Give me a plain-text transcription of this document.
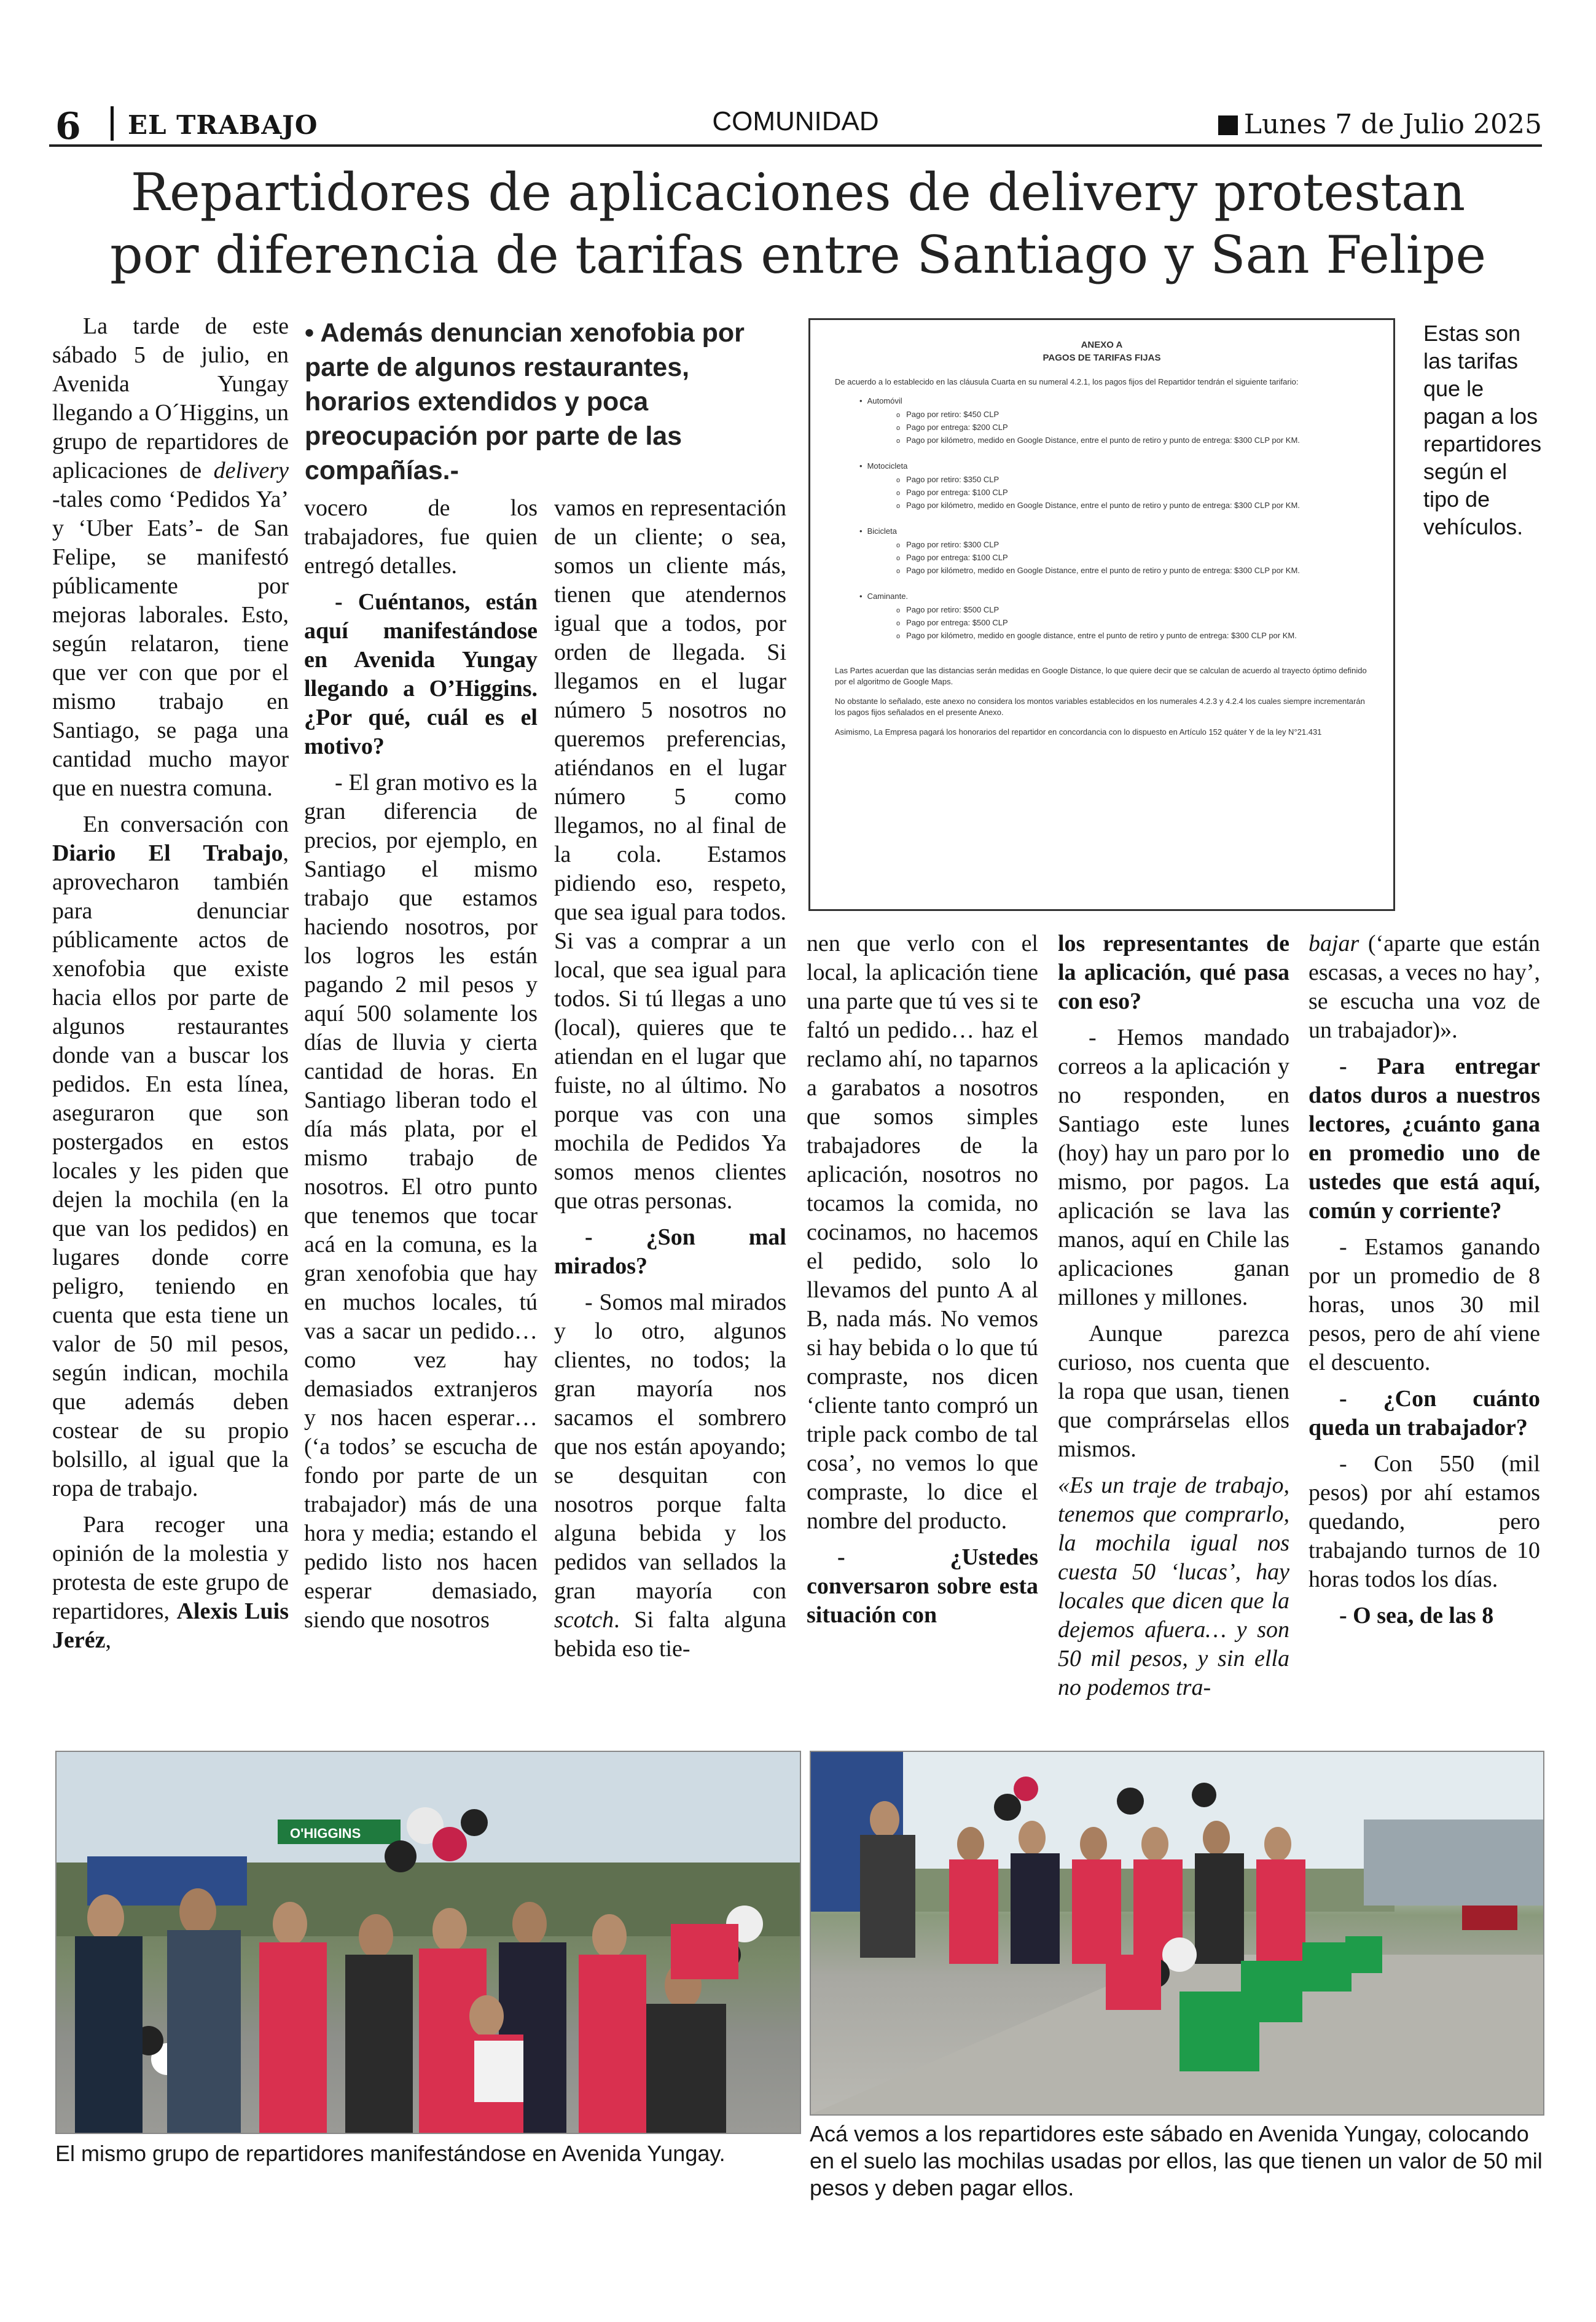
6 EL TRABAJO	COMUNIDAD	Lunes 7 de Julio 2025
Repartidores de aplicaciones de delivery protestan
por diferencia de tarifas entre Santiago y San Felipe
• Además denuncian xenofobia por parte de algunos restaurantes, horarios extendidos y poca preocupación por parte de las compañías.-

La tarde de este sábado 5 de julio, en Avenida Yungay llegando a O´Higgins, un grupo de repartidores de aplicaciones de delivery -tales como ‘Pedidos Ya’ y ‘Uber Eats’- de San Felipe, se manifestó públicamente por mejoras laborales. Esto, según relataron, tiene que ver con que por el mismo trabajo en Santiago, se paga una cantidad mucho mayor que en nuestra comuna.

En conversación con Diario El Trabajo, aprovecharon también para denunciar públicamente actos de xenofobia que existe hacia ellos por parte de algunos restaurantes donde van a buscar los pedidos. En esta línea, aseguraron que son postergados en estos locales y les piden que dejen la mochila (en la que van los pedidos) en lugares donde corre peligro, teniendo en cuenta que esta tiene un valor de 50 mil pesos, según indican, mochila que además deben costear de su propio bolsillo, al igual que la ropa de trabajo.

Para recoger una opinión de la molestia y protesta de este grupo de repartidores, Alexis Luis Jeréz,

vocero de los trabajadores, fue quien entregó detalles.

- Cuéntanos, están aquí manifestándose en Avenida Yungay llegando a O’Higgins. ¿Por qué, cuál es el motivo?

- El gran motivo es la gran diferencia de precios, por ejemplo, en Santiago el mismo trabajo que estamos haciendo nosotros, por los logros les están pagando 2 mil pesos y aquí 500 solamente los días de lluvia y cierta cantidad de horas. En Santiago liberan todo el día más plata, por el mismo trabajo de nosotros. El otro punto que tenemos que tocar acá en la comuna, es la gran xenofobia que hay en muchos locales, tú vas a sacar un pedido… como vez hay demasiados extranjeros y nos hacen esperar… (‘a todos’ se escucha de fondo por parte de un trabajador) más de una hora y media; estando el pedido listo nos hacen esperar demasiado, siendo que nosotros

vamos en representación de un cliente; o sea, somos un cliente más, tienen que atendernos igual que a todos, por orden de llegada. Si llegamos en el lugar número 5 nosotros no queremos preferencias, atiéndanos en el lugar número 5 como llegamos, no al final de la cola. Estamos pidiendo eso, respeto, que sea igual para todos. Si vas a comprar a un local, que sea igual para todos. Si tú llegas a uno (local), quieres que te atiendan en el lugar que fuiste, no al último. No porque vas con una mochila de Pedidos Ya somos menos clientes que otras personas.

- ¿Son mal mirados?

- Somos mal mirados y lo otro, algunos clientes, no todos; la gran mayoría nos sacamos el sombrero que nos están apoyando; se desquitan con nosotros porque falta alguna bebida y los pedidos van sellados la gran mayoría con scotch. Si falta alguna bebida eso tie-

ANEXO A
PAGOS DE TARIFAS FIJAS
De acuerdo a lo establecido en las cláusula Cuarta en su numeral 4.2.1, los pagos fijos del Repartidor tendrán el siguiente tarifario:
• Automóvil
o Pago por retiro: $450 CLP
o Pago por entrega: $200 CLP
o Pago por kilómetro, medido en Google Distance, entre el punto de retiro y punto de entrega: $300 CLP por KM.
• Motocicleta
o Pago por retiro: $350 CLP
o Pago por entrega: $100 CLP
o Pago por kilómetro, medido en Google Distance, entre el punto de retiro y punto de entrega: $300 CLP por KM.
• Bicicleta
o Pago por retiro: $300 CLP
o Pago por entrega: $100 CLP
o Pago por kilómetro, medido en Google Distance, entre el punto de retiro y punto de entrega: $300 CLP por KM.
• Caminante.
o Pago por retiro: $500 CLP
o Pago por entrega: $500 CLP
o Pago por kilómetro, medido en google distance, entre el punto de retiro y punto de entrega: $300 CLP por KM.
Las Partes acuerdan que las distancias serán medidas en Google Distance, lo que quiere decir que se calculan de acuerdo al trayecto óptimo definido por el algoritmo de Google Maps.
No obstante lo señalado, este anexo no considera los montos variables establecidos en los numerales 4.2.3 y 4.2.4 los cuales siempre incrementarán los pagos fijos señalados en el presente Anexo.
Asimismo, La Empresa pagará los honorarios del repartidor en concordancia con lo dispuesto en Artículo 152 quáter Y de la ley N°21.431
Estas son las tarifas que le pagan a los repartidores según el tipo de vehículos.

nen que verlo con el local, la aplicación tiene una parte que tú ves si te faltó un pedido… haz el reclamo ahí, no taparnos a garabatos a nosotros que somos simples trabajadores de la aplicación, nosotros no tocamos la comida, no cocinamos, no hacemos el pedido, solo lo llevamos del punto A al B, nada más. No vemos si hay bebida o lo que tú compraste, nos dicen ‘cliente tanto compró un triple pack combo de tal cosa’, no vemos lo que compraste, lo dice el nombre del producto.

- ¿Ustedes conversaron sobre esta situación con

los representantes de la aplicación, qué pasa con eso?

- Hemos mandado correos a la aplicación y no responden, en Santiago este lunes (hoy) hay un paro por lo mismo, por pagos. La aplicación se lava las manos, aquí en Chile las aplicaciones ganan millones y millones.

Aunque parezca curioso, nos cuenta que la ropa que usan, tienen que comprárselas ellos mismos.

«Es un traje de trabajo, tenemos que comprarlo, la mochila igual nos cuesta 50 ‘lucas’, hay locales que dicen que la dejemos afuera… y son 50 mil pesos, y sin ella no podemos tra-

bajar (‘aparte que están escasas, a veces no hay’, se escucha una voz de un trabajador)».

- Para entregar datos duros a nuestros lectores, ¿cuánto gana en promedio uno de ustedes que está aquí, común y corriente?

- Estamos ganando por un promedio de 8 horas, unos 30 mil pesos, pero de ahí viene el descuento.

- ¿Con cuánto queda un trabajador?

- Con 550 (mil pesos) por ahí estamos quedando, pero trabajando turnos de 10 horas todos los días.

- O sea, de las 8

O'HIGGINS
El mismo grupo de repartidores manifestándose en Avenida Yungay.
Acá vemos a los repartidores este sábado en Avenida Yungay, colocando en el suelo las mochilas usadas por ellos, las que tienen un valor de 50 mil pesos y deben pagar ellos.
